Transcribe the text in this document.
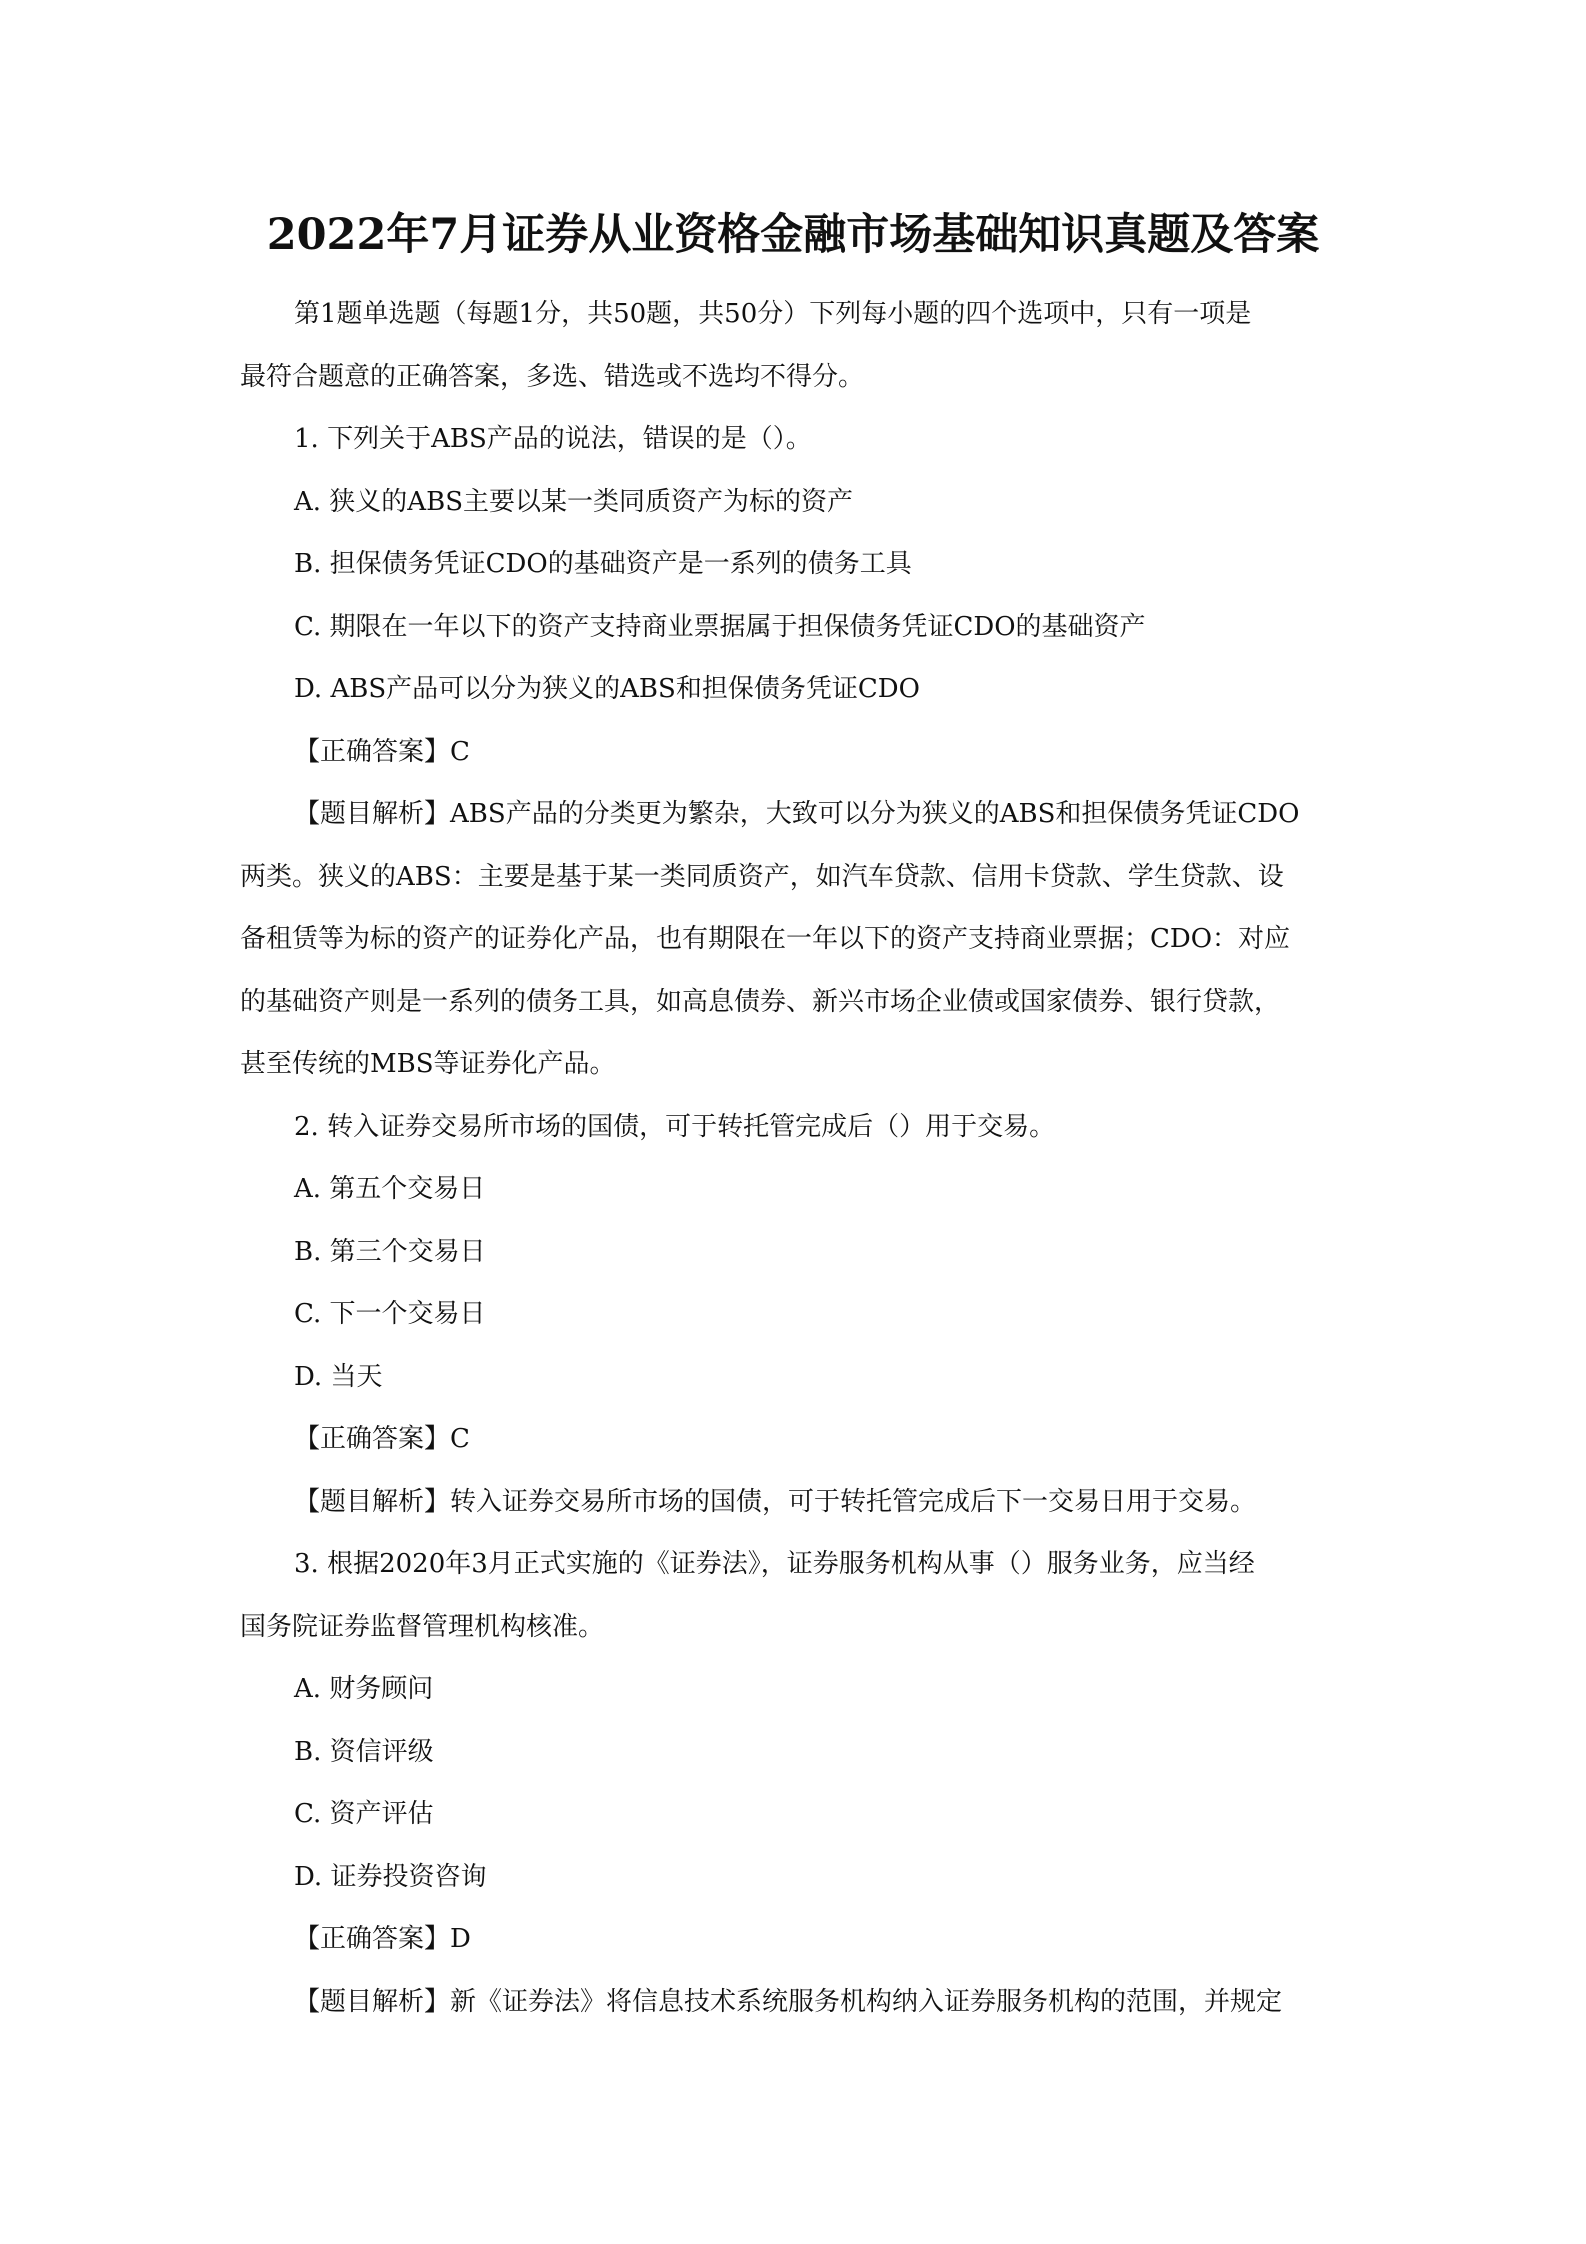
2022年7月证券从业资格金融市场基础知识真题及答案

第1题单选题（每题1分，共50题，共50分）下列每小题的四个选项中，只有一项是

最符合题意的正确答案，多选、错选或不选均不得分。

1. 下列关于ABS产品的说法，错误的是（）。

A. 狭义的ABS主要以某一类同质资产为标的资产

B. 担保债务凭证CDO的基础资产是一系列的债务工具

C. 期限在一年以下的资产支持商业票据属于担保债务凭证CDO的基础资产

D. ABS产品可以分为狭义的ABS和担保债务凭证CDO

【正确答案】C

【题目解析】ABS产品的分类更为繁杂，大致可以分为狭义的ABS和担保债务凭证CDO

两类。狭义的ABS：主要是基于某一类同质资产，如汽车贷款、信用卡贷款、学生贷款、设

备租赁等为标的资产的证券化产品，也有期限在一年以下的资产支持商业票据；CDO：对应

的基础资产则是一系列的债务工具，如高息债券、新兴市场企业债或国家债券、银行贷款，

甚至传统的MBS等证券化产品。

2. 转入证券交易所市场的国债，可于转托管完成后（）用于交易。

A. 第五个交易日

B. 第三个交易日

C. 下一个交易日

D. 当天

【正确答案】C

【题目解析】转入证券交易所市场的国债，可于转托管完成后下一交易日用于交易。

3. 根据2020年3月正式实施的《证券法》，证券服务机构从事（）服务业务，应当经

国务院证券监督管理机构核准。

A. 财务顾问

B. 资信评级

C. 资产评估

D. 证券投资咨询

【正确答案】D

【题目解析】新《证券法》将信息技术系统服务机构纳入证券服务机构的范围，并规定
